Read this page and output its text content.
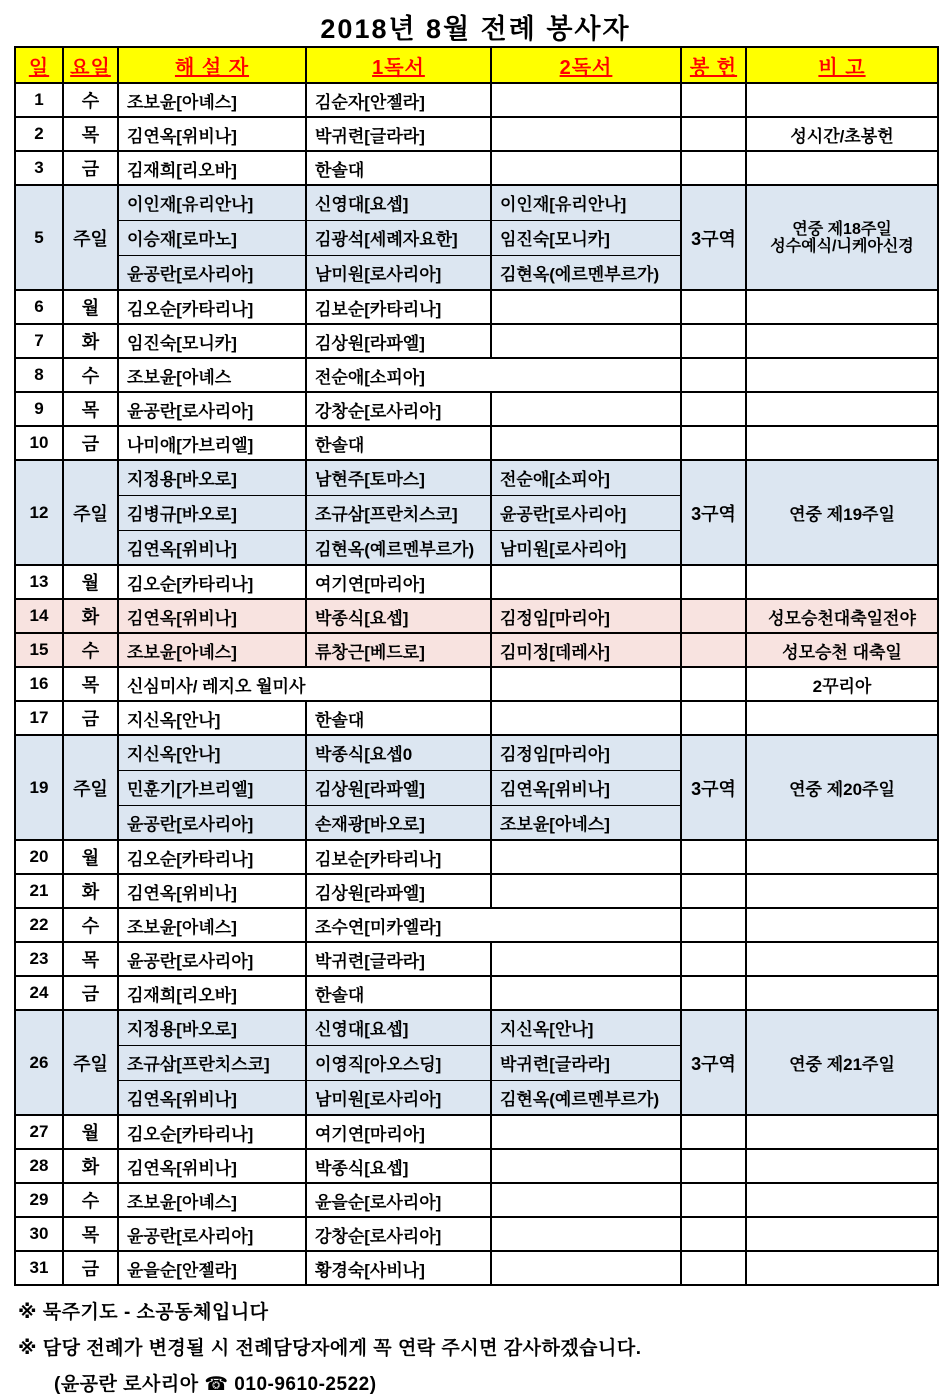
2018년 8월 전례 봉사자
일	요일	해 설 자	1독서	2독서	봉 헌	비 고
1	수	조보윤[아녜스]	김순자[안젤라]			
2	목	김연옥[위비나]	박귀련[글라라]			성시간/초봉헌
3	금	김재희[리오바]	한솔대			
5	주일	이인재[유리안나]	신영대[요셉]	이인재[유리안나]	3구역	연중 제18주일
성수예식/니케아신경

		이승재[로마노]	김광석[세례자요한]	임진숙[모니카]		
		윤공란[로사리아]	남미원[로사리아]	김현옥(에르멘부르가)		
6	월	김오순[카타리나]	김보순[카타리나]			
7	화	임진숙[모니카]	김상원[라파엘]			
8	수	조보윤[아녜스	전순애[소피아]			
9	목	윤공란[로사리아]	강창순[로사리아]			
10	금	나미애[가브리엘]	한솔대			
12	주일	지정용[바오로]	남현주[토마스]	전순애[소피아]	3구역	연중 제19주일

		김병규[바오로]	조규삼[프란치스코]	윤공란[로사리아]		
		김연옥[위비나]	김현옥(예르멘부르가)	남미원[로사리아]		
13	월	김오순[카타리나]	여기연[마리아]			
14	화	김연옥[위비나]	박종식[요셉]	김정임[마리아]		성모승천대축일전야
15	수	조보윤[아녜스]	류창근[베드로]	김미정[데레사]		성모승천 대축일
16	목	신심미사/ 레지오 월미사				2꾸리아
17	금	지신옥[안나]	한솔대			
19	주일	지신옥[안나]	박종식[요셉0	김정임[마리아]	3구역	연중 제20주일

		민훈기[가브리엘]	김상원[라파엘]	김연옥[위비나]		
		윤공란[로사리아]	손재광[바오로]	조보윤[아네스]		
20	월	김오순[카타리나]	김보순[카타리나]			
21	화	김연옥[위비나]	김상원[라파엘]			
22	수	조보윤[아녜스]	조수연[미카엘라]			
23	목	윤공란[로사리아]	박귀련[글라라]			
24	금	김재희[리오바]	한솔대			
26	주일	지정용[바오로]	신영대[요셉]	지신옥[안나]	3구역	연중 제21주일

		조규삼[프란치스코]	이영직[아오스딩]	박귀련[글라라]		
		김연옥[위비나]	남미원[로사리아]	김현옥(예르멘부르가)		
27	월	김오순[카타리나]	여기연[마리아]			
28	화	김연옥[위비나]	박종식[요셉]			
29	수	조보윤[아녜스]	윤을순[로사리아]			
30	목	윤공란[로사리아]	강창순[로사리아]			
31	금	윤을순[안젤라]	황경숙[사비나]			
※ 묵주기도 - 소공동체입니다
※ 담당 전례가 변경될 시 전례담당자에게 꼭 연락 주시면 감사하겠습니다.
(윤공란 로사리아 ☎ 010-9610-2522)
